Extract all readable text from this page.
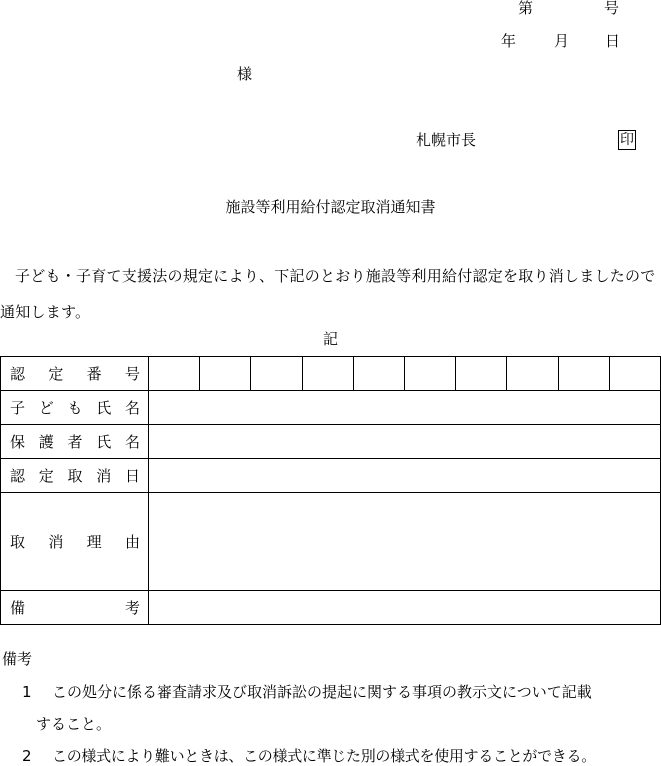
第	号
年	月 日
様
札幌市長	印
施設等利用給付認定取消通知書
子ども・子育て支援法の規定により、下記のとおり施設等利用給付認定を取り消しましたので通知します。
記
認 定 番 号										

子 ど も 氏 名										

保 護 者 氏 名										

認 定 取 消 日										

取 消 理 由										

備 考										

備考
1 この処分に係る審査請求及び取消訴訟の提起に関する事項の教示文について記載
すること。
2 この様式により難いときは、この様式に準じた別の様式を使用することができる。
